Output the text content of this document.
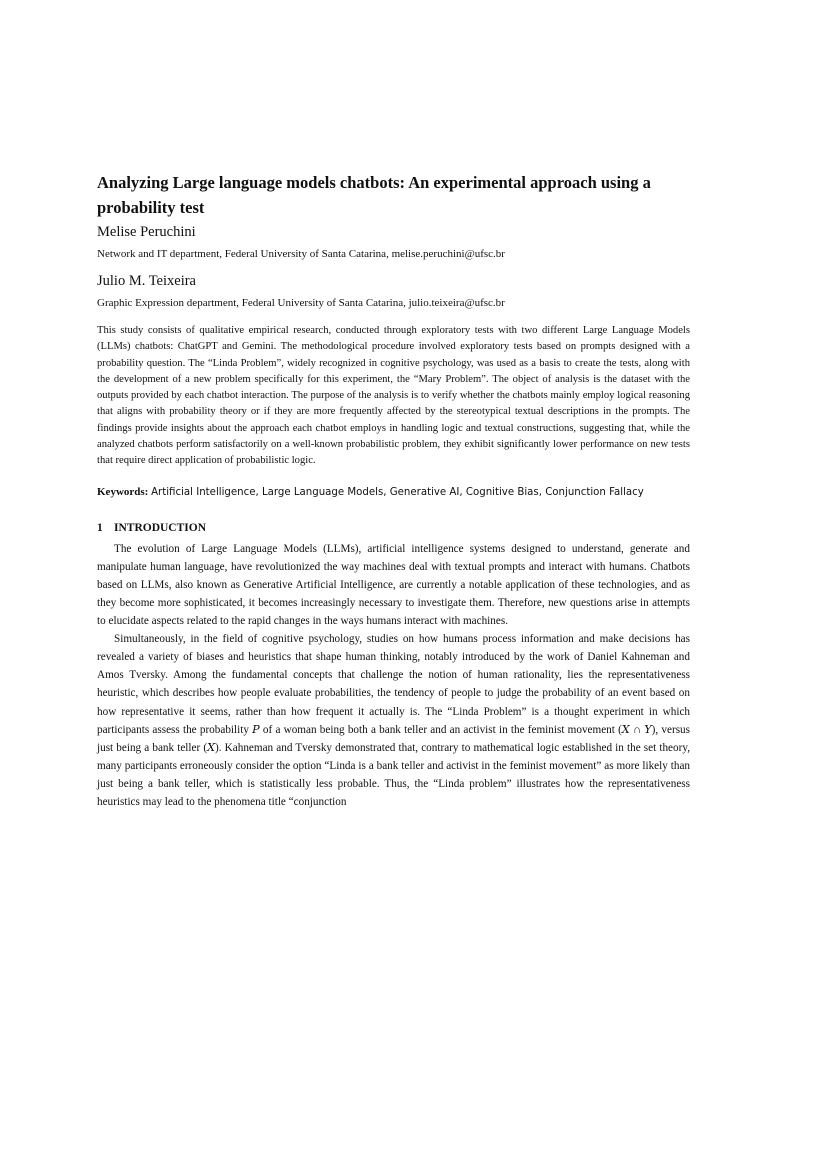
Analyzing Large language models chatbots: An experimental approach using a probability test
Melise Peruchini
Network and IT department, Federal University of Santa Catarina, melise.peruchini@ufsc.br
Julio M. Teixeira
Graphic Expression department, Federal University of Santa Catarina, julio.teixeira@ufsc.br

This study consists of qualitative empirical research, conducted through exploratory tests with two different Large Language Models (LLMs) chatbots: ChatGPT and Gemini. The methodological procedure involved exploratory tests based on prompts designed with a probability question. The “Linda Problem”, widely recognized in cognitive psychology, was used as a basis to create the tests, along with the development of a new problem specifically for this experiment, the “Mary Problem”. The object of analysis is the dataset with the outputs provided by each chatbot interaction. The purpose of the analysis is to verify whether the chatbots mainly employ logical reasoning that aligns with probability theory or if they are more frequently affected by the stereotypical textual descriptions in the prompts. The findings provide insights about the approach each chatbot employs in handling logic and textual constructions, suggesting that, while the analyzed chatbots perform satisfactorily on a well-known probabilistic problem, they exhibit significantly lower performance on new tests that require direct application of probabilistic logic.

Keywords: Artificial Intelligence, Large Language Models, Generative AI, Cognitive Bias, Conjunction Fallacy

1 INTRODUCTION

The evolution of Large Language Models (LLMs), artificial intelligence systems designed to understand, generate and manipulate human language, have revolutionized the way machines deal with textual prompts and interact with humans. Chatbots based on LLMs, also known as Generative Artificial Intelligence, are currently a notable application of these technologies, and as they become more sophisticated, it becomes increasingly necessary to investigate them. Therefore, new questions arise in attempts to elucidate aspects related to the rapid changes in the ways humans interact with machines.

Simultaneously, in the field of cognitive psychology, studies on how humans process information and make decisions has revealed a variety of biases and heuristics that shape human thinking, notably introduced by the work of Daniel Kahneman and Amos Tversky. Among the fundamental concepts that challenge the notion of human rationality, lies the representativeness heuristic, which describes how people evaluate probabilities, the tendency of people to judge the probability of an event based on how representative it seems, rather than how frequent it actually is. The “Linda Problem” is a thought experiment in which participants assess the probability 𝑃 of a woman being both a bank teller and an activist in the feminist movement (𝑋 ∩ 𝑌), versus just being a bank teller (𝑋). Kahneman and Tversky demonstrated that, contrary to mathematical logic established in the set theory, many participants erroneously consider the option “Linda is a bank teller and activist in the feminist movement” as more likely than just being a bank teller, which is statistically less probable. Thus, the “Linda problem” illustrates how the representativeness heuristics may lead to the phenomena title “conjunction
